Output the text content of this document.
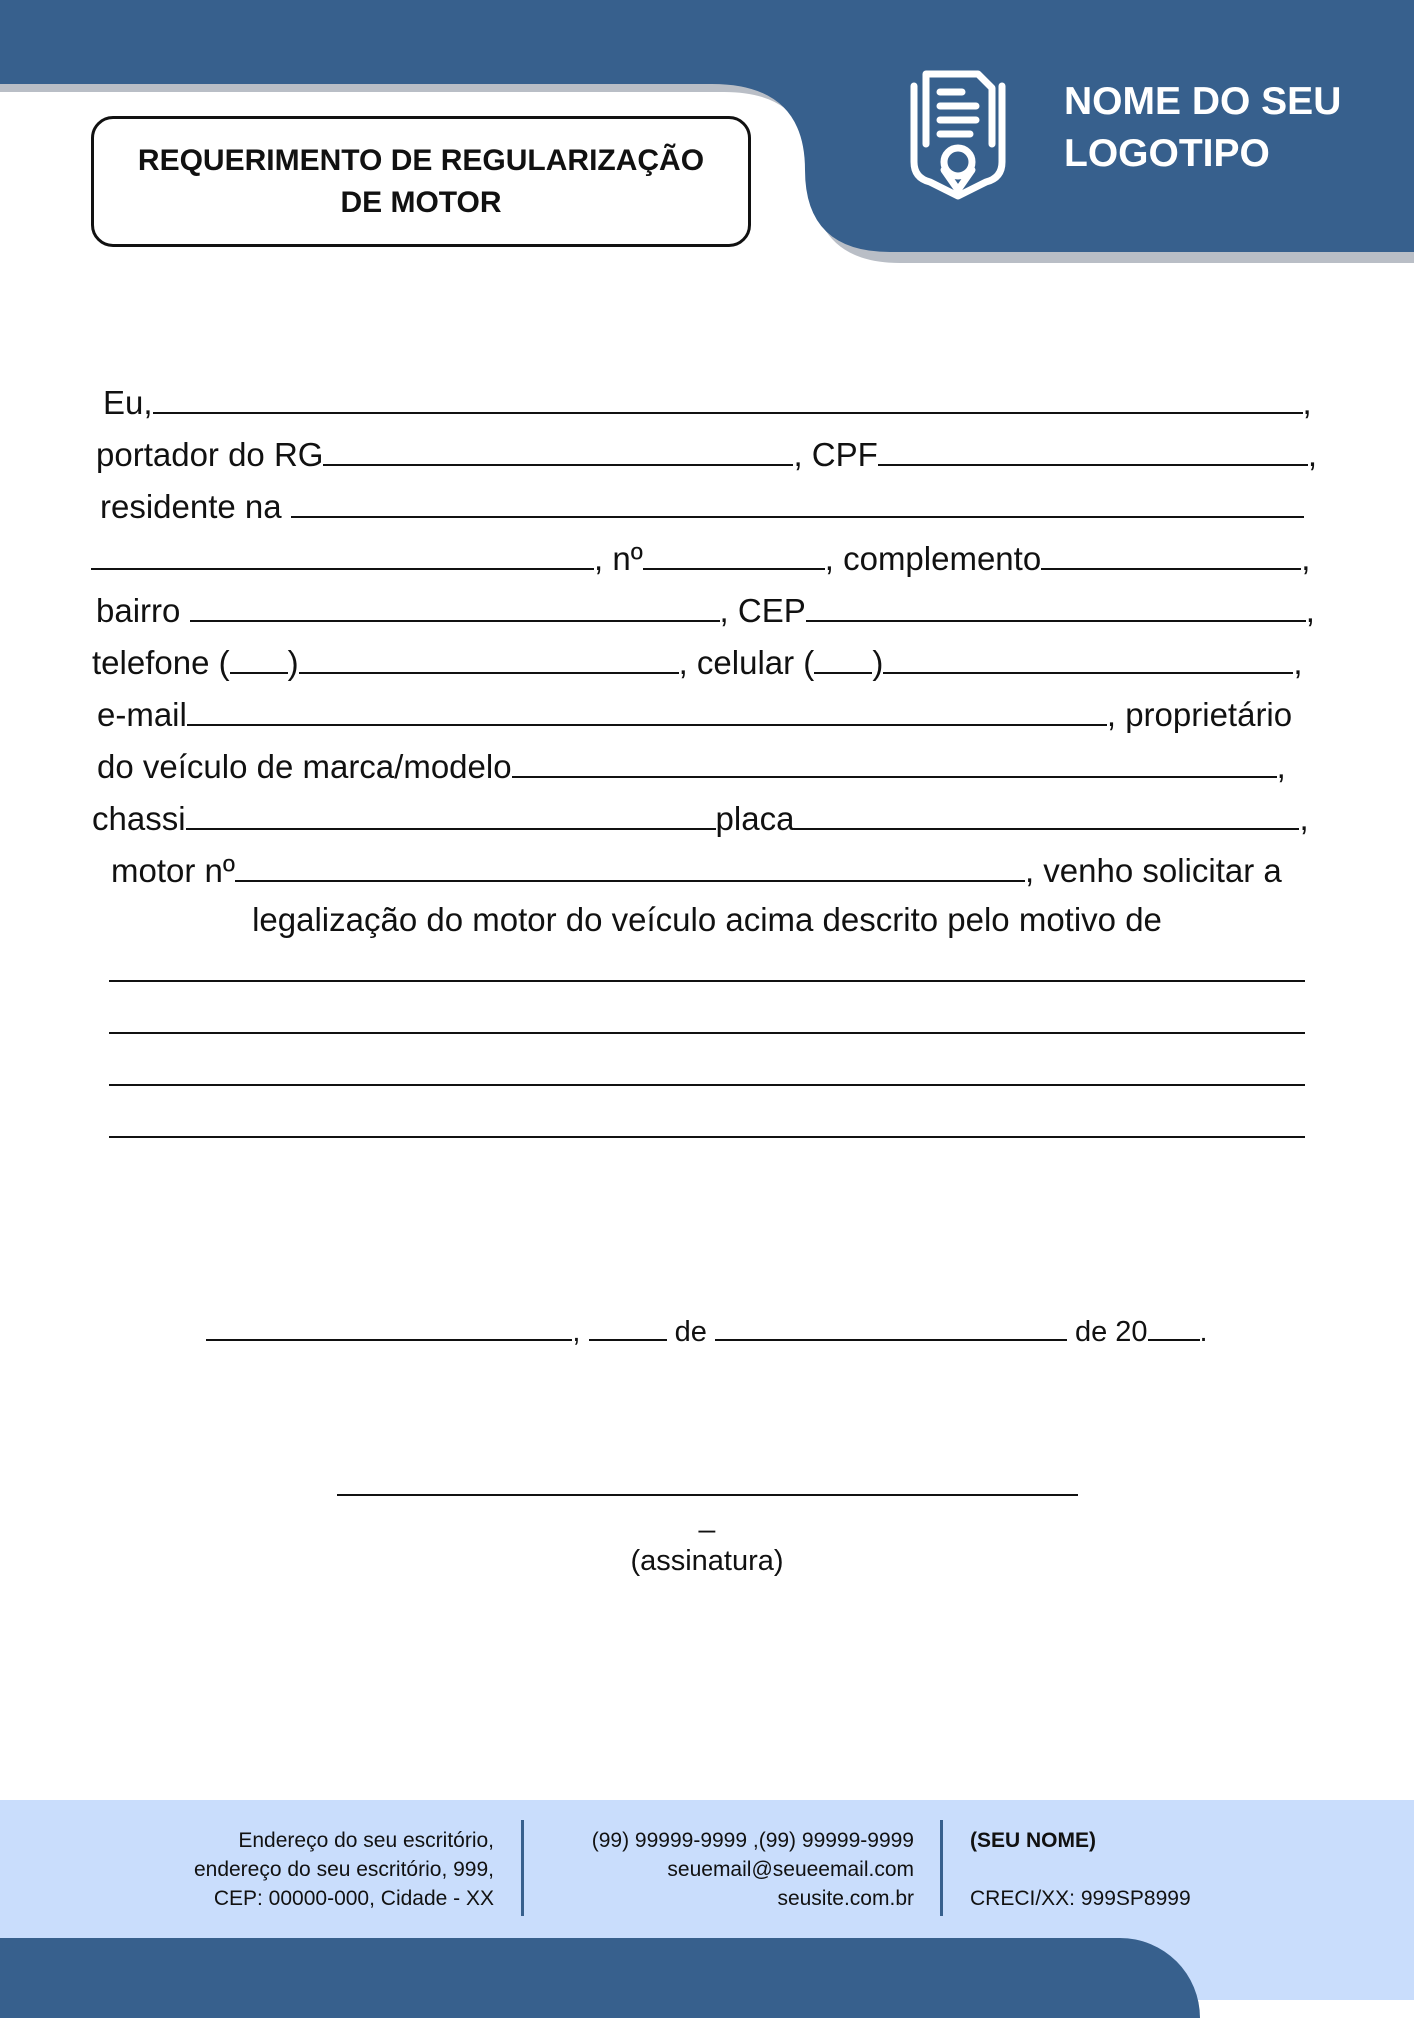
REQUERIMENTO DE REGULARIZAÇÃO
DE MOTOR
NOME DO SEU
LOGOTIPO
Eu,	,
portador do RG	, CPF	,
residente na
, nº	, complemento	,
bairro	, CEP	,
telefone ( )	, celular ( )	,
e-mail	, proprietário
do veículo de marca/modelo	,
chassi	placa	,
motor nº	, venho solicitar a
legalização do motor do veículo acima descrito pelo motivo de
,	de	de 20 .
_
(assinatura)
Endereço do seu escritório,
endereço do seu escritório, 999,
CEP: 00000-000, Cidade - XX
(99) 99999-9999 ,(99) 99999-9999
seuemail@seueemail.com
seusite.com.br
(SEU NOME)
CRECI/XX: 999SP8999
